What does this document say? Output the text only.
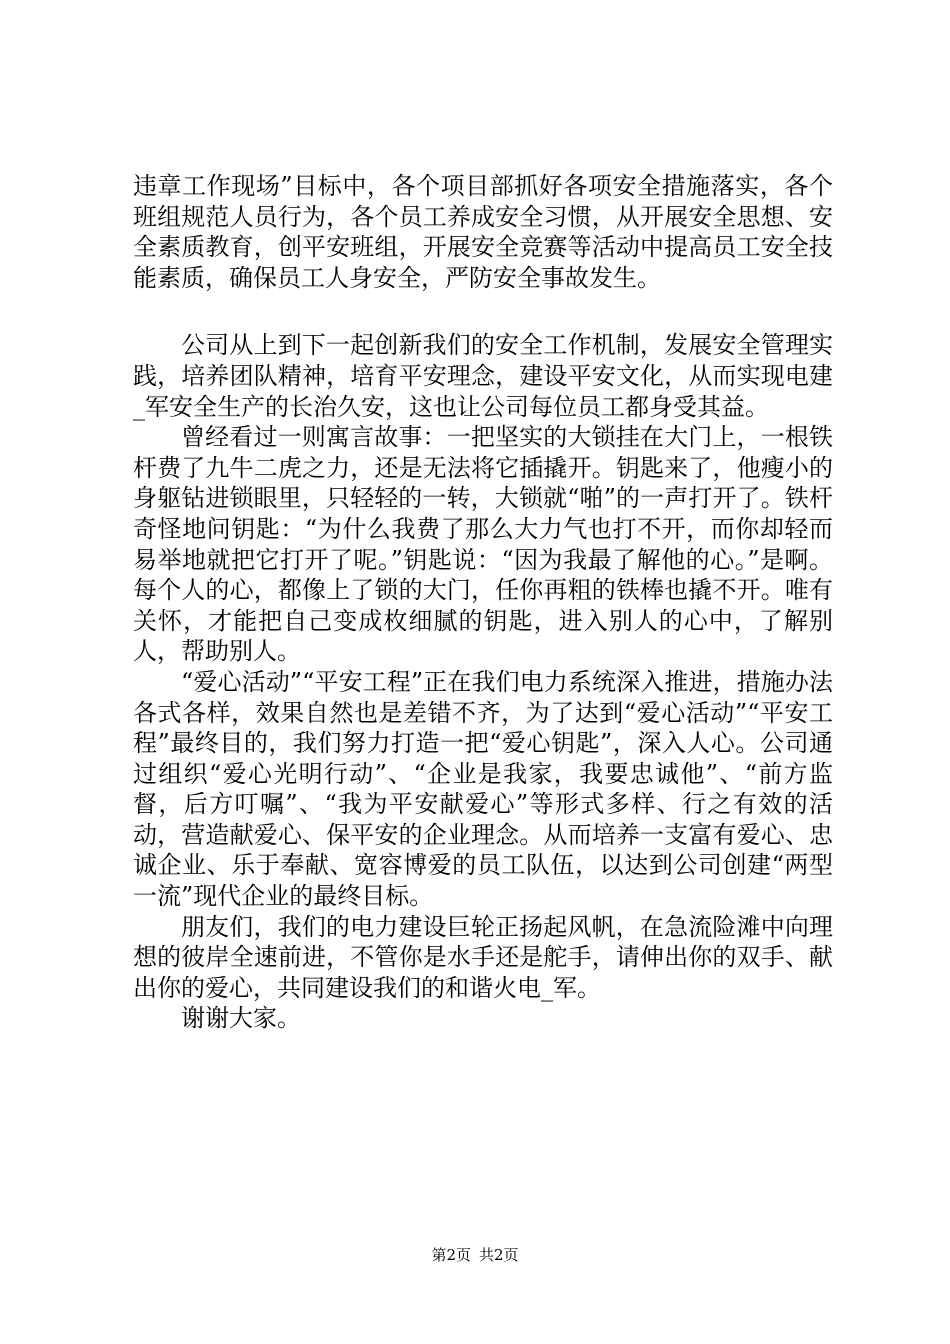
违章工作现场”目标中，各个项目部抓好各项安全措施落实，各个班组规范人员行为，各个员工养成安全习惯，从开展安全思想、安全素质教育，创平安班组，开展安全竞赛等活动中提高员工安全技能素质，确保员工人身安全，严防安全事故发生。

公司从上到下一起创新我们的安全工作机制，发展安全管理实践，培养团队精神，培育平安理念，建设平安文化，从而实现电建_军安全生产的长治久安，这也让公司每位员工都身受其益。

曾经看过一则寓言故事：一把坚实的大锁挂在大门上，一根铁杆费了九牛二虎之力，还是无法将它插撬开。钥匙来了，他瘦小的身躯钻进锁眼里，只轻轻的一转，大锁就“啪”的一声打开了。铁杆奇怪地问钥匙：“为什么我费了那么大力气也打不开，而你却轻而易举地就把它打开了呢。”钥匙说：“因为我最了解他的心。”是啊。每个人的心，都像上了锁的大门，任你再粗的铁棒也撬不开。唯有关怀，才能把自己变成枚细腻的钥匙，进入别人的心中，了解别人，帮助别人。

“爱心活动”“平安工程”正在我们电力系统深入推进，措施办法各式各样，效果自然也是差错不齐，为了达到“爱心活动”“平安工程”最终目的，我们努力打造一把“爱心钥匙”，深入人心。公司通过组织“爱心光明行动”、“企业是我家，我要忠诚他”、“前方监督，后方叮嘱”、“我为平安献爱心”等形式多样、行之有效的活动，营造献爱心、保平安的企业理念。从而培养一支富有爱心、忠诚企业、乐于奉献、宽容博爱的员工队伍，以达到公司创建“两型一流”现代企业的最终目标。

朋友们，我们的电力建设巨轮正扬起风帆，在急流险滩中向理想的彼岸全速前进，不管你是水手还是舵手，请伸出你的双手、献出你的爱心，共同建设我们的和谐火电_军。

谢谢大家。

第2页 共2页
